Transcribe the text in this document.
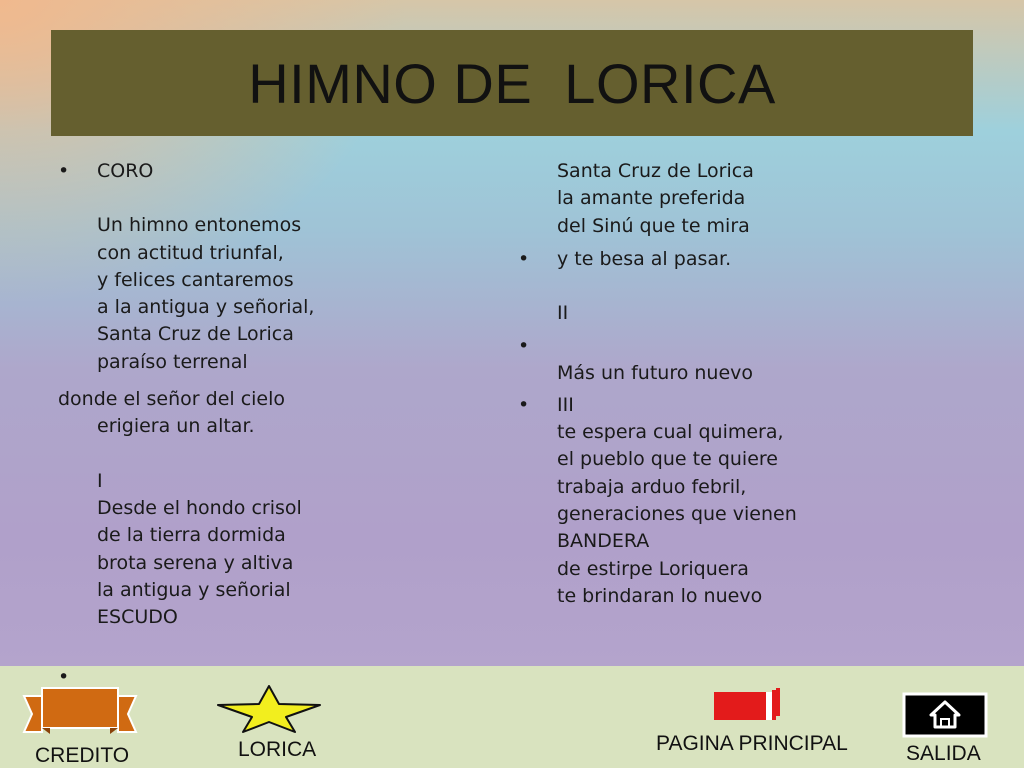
HIMNO DE  LORICA
• CORO
Un himno entonemos
con actitud triunfal,
y felices cantaremos
a la antigua y señorial,
Santa Cruz de Lorica
paraíso terrenal
donde el señor del cielo
erigiera un altar.
I
Desde el hondo crisol
de la tierra dormida
brota serena y altiva
la antigua y señorial
ESCUDO
Santa Cruz de Lorica
la amante preferida
del Sinú que te mira
• y te besa al pasar.
II
•
Más un futuro nuevo
• III
te espera cual quimera,
el pueblo que te quiere
trabaja arduo febril,
generaciones que vienen
BANDERA
de estirpe Loriquera
te brindaran lo nuevo
•
CREDITO	LORICA	PAGINA PRINCIPAL	SALIDA
